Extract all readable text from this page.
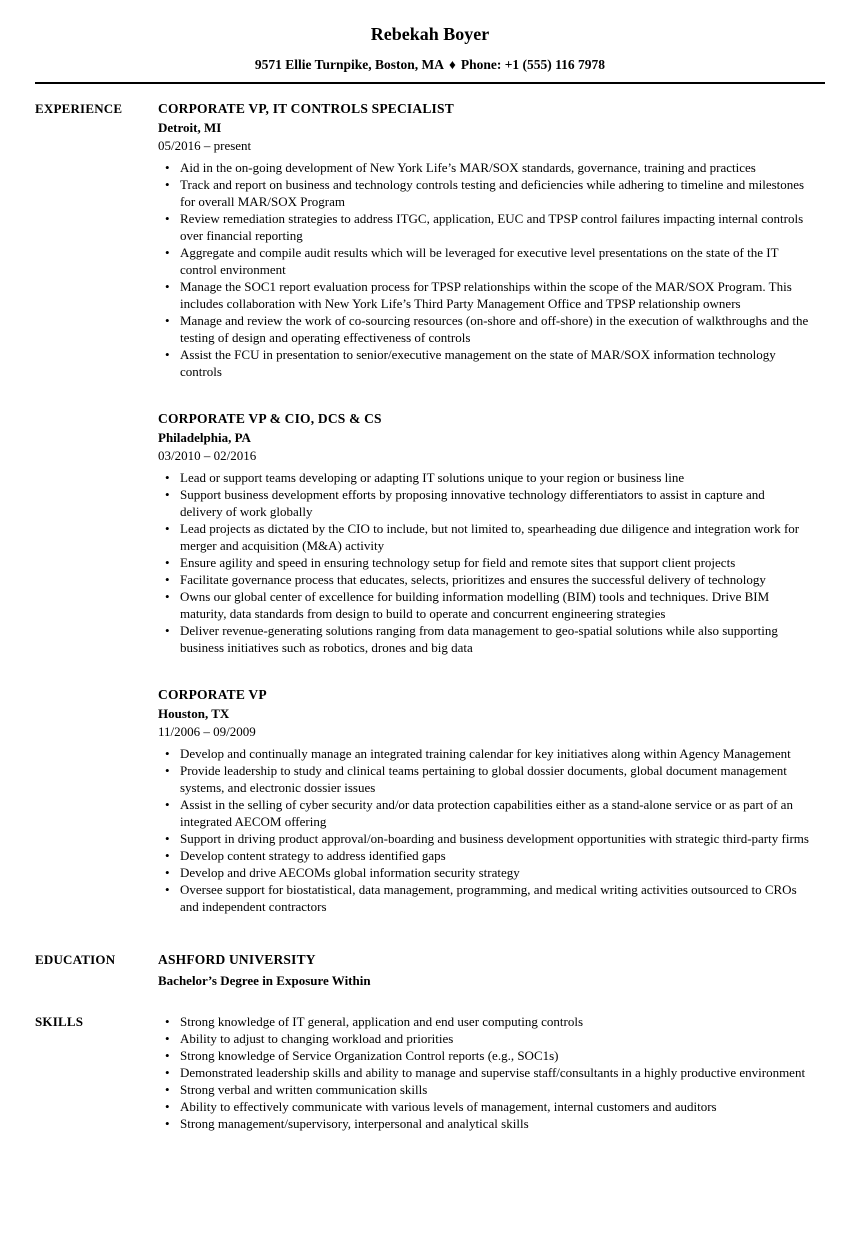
Rebekah Boyer
9571 Ellie Turnpike, Boston, MA ♦ Phone: +1 (555) 116 7978
EXPERIENCE	CORPORATE VP, IT CONTROLS SPECIALIST
Detroit, MI
05/2016 – present
• Aid in the on-going development of New York Life’s MAR/SOX standards, governance, training and practices
• Track and report on business and technology controls testing and deficiencies while adhering to timeline and milestones for overall MAR/SOX Program
• Review remediation strategies to address ITGC, application, EUC and TPSP control failures impacting internal controls over financial reporting
• Aggregate and compile audit results which will be leveraged for executive level presentations on the state of the IT control environment
• Manage the SOC1 report evaluation process for TPSP relationships within the scope of the MAR/SOX Program. This includes collaboration with New York Life’s Third Party Management Office and TPSP relationship owners
• Manage and review the work of co-sourcing resources (on-shore and off-shore) in the execution of walkthroughs and the testing of design and operating effectiveness of controls
• Assist the FCU in presentation to senior/executive management on the state of MAR/SOX information technology controls
CORPORATE VP & CIO, DCS & CS
Philadelphia, PA
03/2010 – 02/2016
• Lead or support teams developing or adapting IT solutions unique to your region or business line
• Support business development efforts by proposing innovative technology differentiators to assist in capture and delivery of work globally
• Lead projects as dictated by the CIO to include, but not limited to, spearheading due diligence and integration work for merger and acquisition (M&A) activity
• Ensure agility and speed in ensuring technology setup for field and remote sites that support client projects
• Facilitate governance process that educates, selects, prioritizes and ensures the successful delivery of technology
• Owns our global center of excellence for building information modelling (BIM) tools and techniques. Drive BIM maturity, data standards from design to build to operate and concurrent engineering strategies
• Deliver revenue-generating solutions ranging from data management to geo-spatial solutions while also supporting business initiatives such as robotics, drones and big data
CORPORATE VP
Houston, TX
11/2006 – 09/2009
• Develop and continually manage an integrated training calendar for key initiatives along within Agency Management
• Provide leadership to study and clinical teams pertaining to global dossier documents, global document management systems, and electronic dossier issues
• Assist in the selling of cyber security and/or data protection capabilities either as a stand-alone service or as part of an integrated AECOM offering
• Support in driving product approval/on-boarding and business development opportunities with strategic third-party firms
• Develop content strategy to address identified gaps
• Develop and drive AECOMs global information security strategy
• Oversee support for biostatistical, data management, programming, and medical writing activities outsourced to CROs and independent contractors
EDUCATION	ASHFORD UNIVERSITY
Bachelor’s Degree in Exposure Within
SKILLS	• Strong knowledge of IT general, application and end user computing controls
• Ability to adjust to changing workload and priorities
• Strong knowledge of Service Organization Control reports (e.g., SOC1s)
• Demonstrated leadership skills and ability to manage and supervise staff/consultants in a highly productive environment
• Strong verbal and written communication skills
• Ability to effectively communicate with various levels of management, internal customers and auditors
• Strong management/supervisory, interpersonal and analytical skills
